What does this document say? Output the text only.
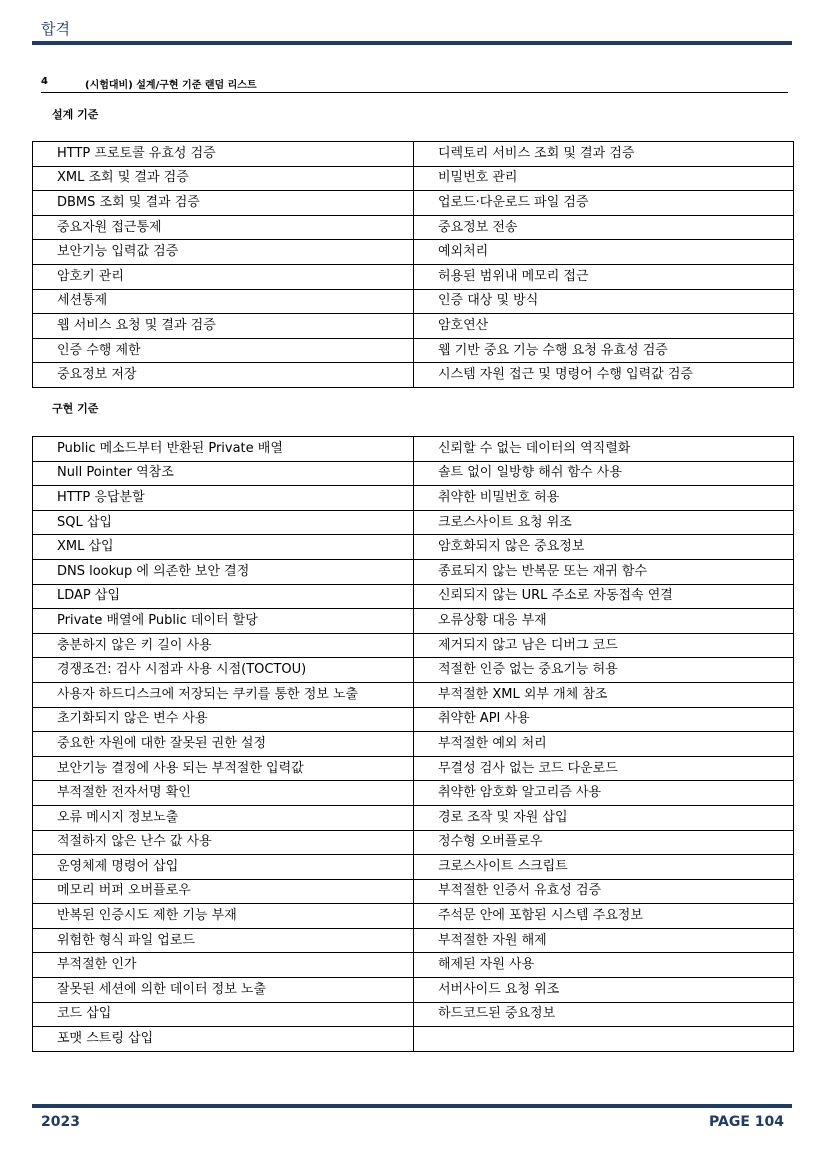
합격
4	(시험대비) 설계/구현 기준 랜덤 리스트
설계 기준
HTTP 프로토콜 유효성 검증	디렉토리 서비스 조회 및 결과 검증
XML 조회 및 결과 검증	비밀번호 관리
DBMS 조회 및 결과 검증	업로드·다운로드 파일 검증
중요자원 접근통제	중요정보 전송
보안기능 입력값 검증	예외처리
암호키 관리	허용된 범위내 메모리 접근
세션통제	인증 대상 및 방식
웹 서비스 요청 및 결과 검증	암호연산
인증 수행 제한	웹 기반 중요 기능 수행 요청 유효성 검증
중요정보 저장	시스템 자원 접근 및 명령어 수행 입력값 검증
구현 기준
Public 메소드부터 반환된 Private 배열	신뢰할 수 없는 데이터의 역직렬화
Null Pointer 역참조	솔트 없이 일방향 해쉬 함수 사용
HTTP 응답분할	취약한 비밀번호 허용
SQL 삽입	크로스사이트 요청 위조
XML 삽입	암호화되지 않은 중요정보
DNS lookup 에 의존한 보안 결정	종료되지 않는 반복문 또는 재귀 함수
LDAP 삽입	신뢰되지 않는 URL 주소로 자동접속 연결
Private 배열에 Public 데이터 할당	오류상황 대응 부재
충분하지 않은 키 길이 사용	제거되지 않고 남은 디버그 코드
경쟁조건: 검사 시점과 사용 시점(TOCTOU)	적절한 인증 없는 중요기능 허용
사용자 하드디스크에 저장되는 쿠키를 통한 정보 노출	부적절한 XML 외부 개체 참조
초기화되지 않은 변수 사용	취약한 API 사용
중요한 자원에 대한 잘못된 권한 설정	부적절한 예외 처리
보안기능 결정에 사용 되는 부적절한 입력값	무결성 검사 없는 코드 다운로드
부적절한 전자서명 확인	취약한 암호화 알고리즘 사용
오류 메시지 정보노출	경로 조작 및 자원 삽입
적절하지 않은 난수 값 사용	정수형 오버플로우
운영체제 명령어 삽입	크로스사이트 스크립트
메모리 버퍼 오버플로우	부적절한 인증서 유효성 검증
반복된 인증시도 제한 기능 부재	주석문 안에 포함된 시스템 주요정보
위험한 형식 파일 업로드	부적절한 자원 해제
부적절한 인가	해제된 자원 사용
잘못된 세션에 의한 데이터 정보 노출	서버사이드 요청 위조
코드 삽입	하드코드된 중요정보
포맷 스트링 삽입	
2023	PAGE 104
